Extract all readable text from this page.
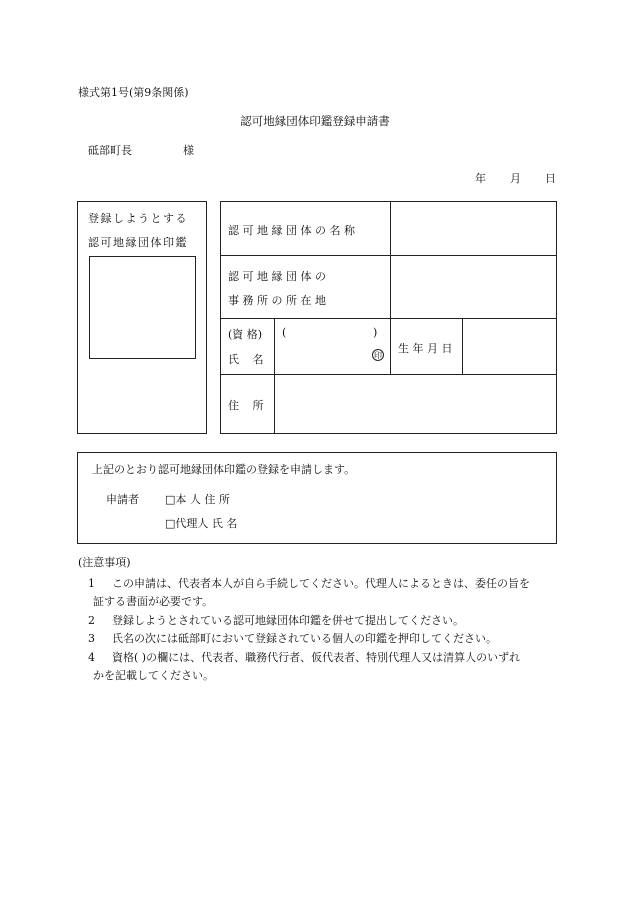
様式第1号(第9条関係)
認可地縁団体印鑑登録申請書
砥部町長	様
年 月 日
登録しようとする
認可地縁団体印鑑
認 可 地 縁 団 体 の 名 称
認 可 地 縁 団 体 の
事 務 所 の 所 在 地
(資 格)
氏 名
(	)
印
生 年 月 日
住 所
上記のとおり認可地縁団体印鑑の登録を申請します。
申請者 □本 人 住 所
□代理人 氏 名
(注意事項)
1 この申請は、代表者本人が自ら手続してください。代理人によるときは、委任の旨を
証する書面が必要です。
2 登録しようとされている認可地縁団体印鑑を併せて提出してください。
3 氏名の次には砥部町において登録されている個人の印鑑を押印してください。
4 資格( )の欄には、代表者、職務代行者、仮代表者、特別代理人又は清算人のいずれ
かを記載してください。
